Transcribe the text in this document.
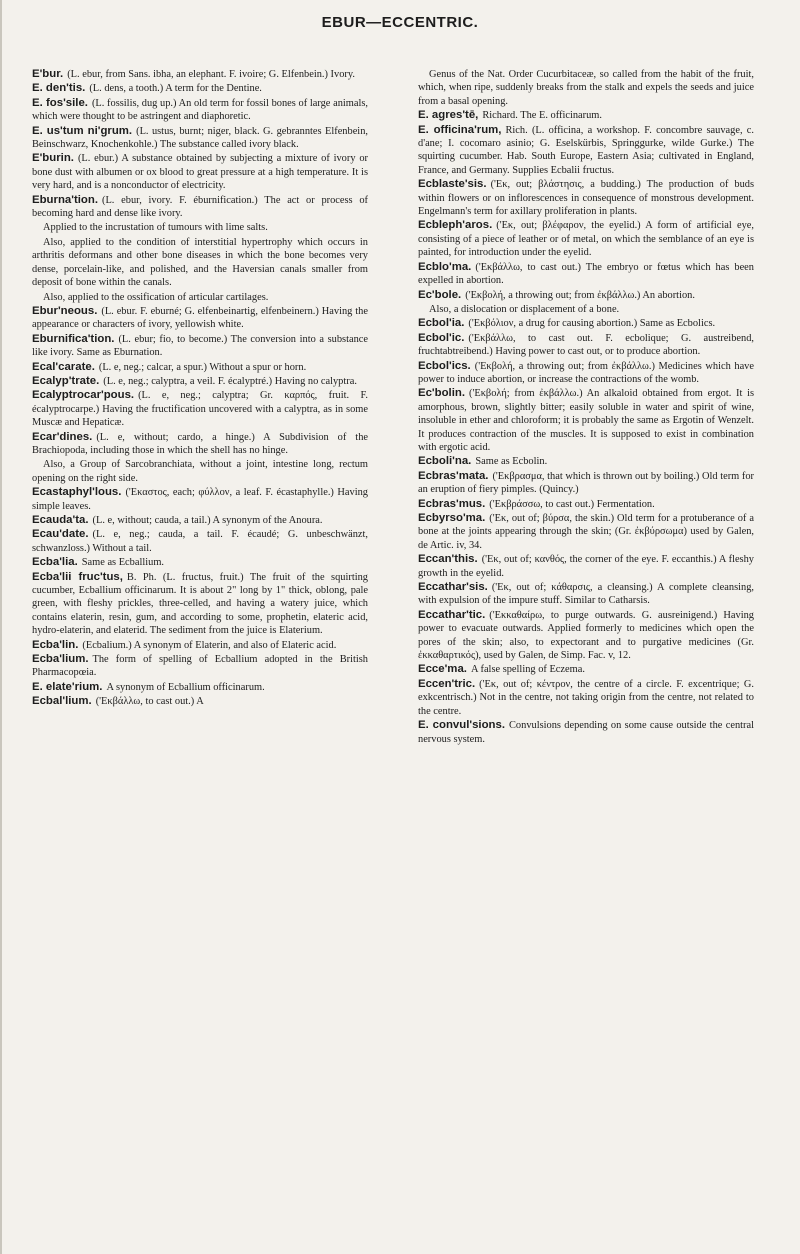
EBUR—ECCENTRIC.

E'bur. (L. ebur, from Sans. ibha, an elephant. F. ivoire; G. Elfenbein.) Ivory.

E. den'tis. (L. dens, a tooth.) A term for the Dentine.

E. fos'sile. (L. fossilis, dug up.) An old term for fossil bones of large animals, which were thought to be astringent and diaphoretic.

E. us'tum ni'grum. (L. ustus, burnt; niger, black. G. gebranntes Elfenbein, Beinschwarz, Knochenkohle.) The substance called ivory black.

E'burin. (L. ebur.) A substance obtained by subjecting a mixture of ivory or bone dust with albumen or ox blood to great pressure at a high temperature. It is very hard, and is a nonconductor of electricity.

Eburna'tion. (L. ebur, ivory. F. éburnification.) The act or process of becoming hard and dense like ivory.

Applied to the incrustation of tumours with lime salts.

Also, applied to the condition of interstitial hypertrophy which occurs in arthritis deformans and other bone diseases in which the bone becomes very dense, porcelain-like, and polished, and the Haversian canals smaller from deposit of bone within the canals.

Also, applied to the ossification of articular cartilages.

Ebur'neous. (L. ebur. F. eburné; G. elfenbeinartig, elfenbeinern.) Having the appearance or characters of ivory, yellowish white.

Eburnifica'tion. (L. ebur; fio, to become.) The conversion into a substance like ivory. Same as Eburnation.

Ecal'carate. (L. e, neg.; calcar, a spur.) Without a spur or horn.

Ecalyp'trate. (L. e, neg.; calyptra, a veil. F. écalyptré.) Having no calyptra.

Ecalyptrocar'pous. (L. e, neg.; calyptra; Gr. καρπός, fruit. F. écalyptrocarpe.) Having the fructification uncovered with a calyptra, as in some Muscæ and Hepaticæ.

Ecar'dines. (L. e, without; cardo, a hinge.) A Subdivision of the Brachiopoda, including those in which the shell has no hinge.

Also, a Group of Sarcobranchiata, without a joint, intestine long, rectum opening on the right side.

Ecastaphyl'lous. ('Εκαστος, each; φύλλον, a leaf. F. écastaphylle.) Having simple leaves.

Ecauda'ta. (L. e, without; cauda, a tail.) A synonym of the Anoura.

Ecau'date. (L. e, neg.; cauda, a tail. F. écaudé; G. unbeschwänzt, schwanzloss.) Without a tail.

Ecba'lia. Same as Ecballium.

Ecba'lii fruc'tus, B. Ph. (L. fructus, fruit.) The fruit of the squirting cucumber, Ecballium officinarum. It is about 2" long by 1" thick, oblong, pale green, with fleshy prickles, three-celled, and having a watery juice, which contains elaterin, resin, gum, and according to some, prophetin, elateric acid, hydro-elaterin, and elaterid. The sediment from the juice is Elaterium.

Ecba'lin. (Ecbalium.) A synonym of Elaterin, and also of Elateric acid.

Ecba'lium. The form of spelling of Ecballium adopted in the British Pharmacopœia.

E. elate'rium. A synonym of Ecballium officinarum.

Ecbal'lium. ('Εκβάλλω, to cast out.) A

Genus of the Nat. Order Cucurbitaceæ, so called from the habit of the fruit, which, when ripe, suddenly breaks from the stalk and expels the seeds and juice from a basal opening.

E. agres'tē, Richard. The E. officinarum.

E. officina'rum, Rich. (L. officina, a workshop. F. concombre sauvage, c. d'ane; I. cocomaro asinio; G. Eselskürbis, Springgurke, wilde Gurke.) The squirting cucumber. Hab. South Europe, Eastern Asia; cultivated in England, France, and Germany. Supplies Ecbalii fructus.

Ecblaste'sis. ('Εκ, out; βλάστησις, a budding.) The production of buds within flowers or on inflorescences in consequence of monstrous development. Engelmann's term for axillary proliferation in plants.

Ecbleph'aros. ('Εκ, out; βλέφαρον, the eyelid.) A form of artificial eye, consisting of a piece of leather or of metal, on which the semblance of an eye is painted, for introduction under the eyelid.

Ecblo'ma. ('Εκβάλλω, to cast out.) The embryo or fœtus which has been expelled in abortion.

Ec'bole. ('Εκβολή, a throwing out; from ἐκβάλλω.) An abortion.

Also, a dislocation or displacement of a bone.

Ecbol'ia. ('Εκβόλιον, a drug for causing abortion.) Same as Ecbolics.

Ecbol'ic. ('Εκβάλλω, to cast out. F. ecbolique; G. austreibend, fruchtabtreibend.) Having power to cast out, or to produce abortion.

Ecbol'ics. ('Εκβολή, a throwing out; from ἐκβάλλω.) Medicines which have power to induce abortion, or increase the contractions of the womb.

Ec'bolin. ('Εκβολή; from ἐκβάλλω.) An alkaloid obtained from ergot. It is amorphous, brown, slightly bitter; easily soluble in water and spirit of wine, insoluble in ether and chloroform; it is probably the same as Ergotin of Wenzelt. It produces contraction of the muscles. It is supposed to exist in combination with ergotic acid.

Ecboli'na. Same as Ecbolin.

Ecbras'mata. ('Εκβρασμα, that which is thrown out by boiling.) Old term for an eruption of fiery pimples. (Quincy.)

Ecbras'mus. ('Εκβράσσω, to cast out.) Fermentation.

Ecbyrso'ma. ('Εκ, out of; βύρσα, the skin.) Old term for a protuberance of a bone at the joints appearing through the skin; (Gr. ἐκβύρσωμα) used by Galen, de Artic. iv, 34.

Eccan'this. ('Εκ, out of; κανθός, the corner of the eye. F. eccanthis.) A fleshy growth in the eyelid.

Eccathar'sis. ('Εκ, out of; κάθαρσις, a cleansing.) A complete cleansing, with expulsion of the impure stuff. Similar to Catharsis.

Eccathar'tic. ('Εκκαθαίρω, to purge outwards. G. ausreinigend.) Having power to evacuate outwards. Applied formerly to medicines which open the pores of the skin; also, to expectorant and to purgative medicines (Gr. ἐκκαθαρτικός), used by Galen, de Simp. Fac. v, 12.

Ecce'ma. A false spelling of Eczema.

Eccen'tric. ('Εκ, out of; κέντρον, the centre of a circle. F. excentrique; G. exkcentrisch.) Not in the centre, not taking origin from the centre, not related to the centre.

E. convul'sions. Convulsions depending on some cause outside the central nervous system.
